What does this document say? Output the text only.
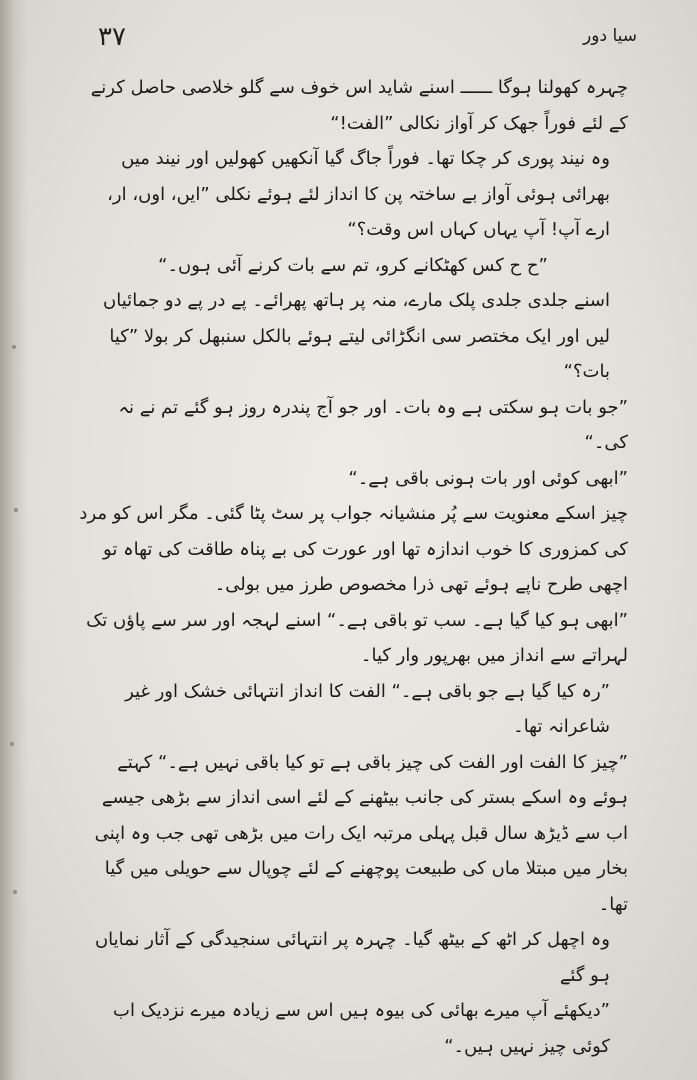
۳۷	سیا دور

چہرہ کھولنا ہوگا ــــــ اسنے شاید اس خوف سے گلو خلاصی حاصل کرنے کے لئے فوراً جھک کر آواز نکالی ”الفت!“

وہ نیند پوری کر چکا تھا۔ فوراً جاگ گیا آنکھیں کھولیں اور نیند میں بھرائی ہوئی آواز بے ساختہ پن کا انداز لئے ہوئے نکلی ”ایں، اوں، ار، ارے آپ! آپ یہاں کہاں اس وقت؟“

”ح ح کس کھٹکانے کرو، تم سے بات کرنے آئی ہوں۔“

اسنے جلدی جلدی پلک مارے، منہ پر ہاتھ پھرائے۔ پے در پے دو جمائیاں لیں اور ایک مختصر سی انگڑائی لیتے ہوئے بالکل سنبھل کر بولا ”کیا بات؟“

”جو بات ہو سکتی ہے وہ بات۔ اور جو آج پندرہ روز ہو گئے تم نے نہ کی۔“

”ابھی کوئی اور بات ہونی باقی ہے۔“

چیز اسکے معنویت سے پُر منشیانہ جواب پر سٹ پٹا گئی۔ مگر اس کو مرد کی کمزوری کا خوب اندازہ تھا اور عورت کی بے پناہ طاقت کی تھاہ تو اچھی طرح ناپے ہوئے تھی ذرا مخصوص طرز میں بولی۔

”ابھی ہو کیا گیا ہے۔ سب تو باقی ہے۔“ اسنے لہجہ اور سر سے پاؤں تک لہراتے سے انداز میں بھرپور وار کیا۔

”رہ کیا گیا ہے جو باقی ہے۔“ الفت کا انداز انتہائی خشک اور غیر شاعرانہ تھا۔

”چیز کا الفت اور الفت کی چیز باقی ہے تو کیا باقی نہیں ہے۔“ کہتے ہوئے وہ اسکے بستر کی جانب بیٹھنے کے لئے اسی انداز سے بڑھی جیسے اب سے ڈیڑھ سال قبل پہلی مرتبہ ایک رات میں بڑھی تھی جب وہ اپنی بخار میں مبتلا ماں کی طبیعت پوچھنے کے لئے چوپال سے حویلی میں گیا تھا۔

وہ اچھل کر اٹھ کے بیٹھ گیا۔ چہرہ پر انتہائی سنجیدگی کے آثار نمایاں ہو گئے

”دیکھئے آپ میرے بھائی کی بیوہ ہیں اس سے زیادہ میرے نزدیک اب کوئی چیز نہیں ہیں۔“
